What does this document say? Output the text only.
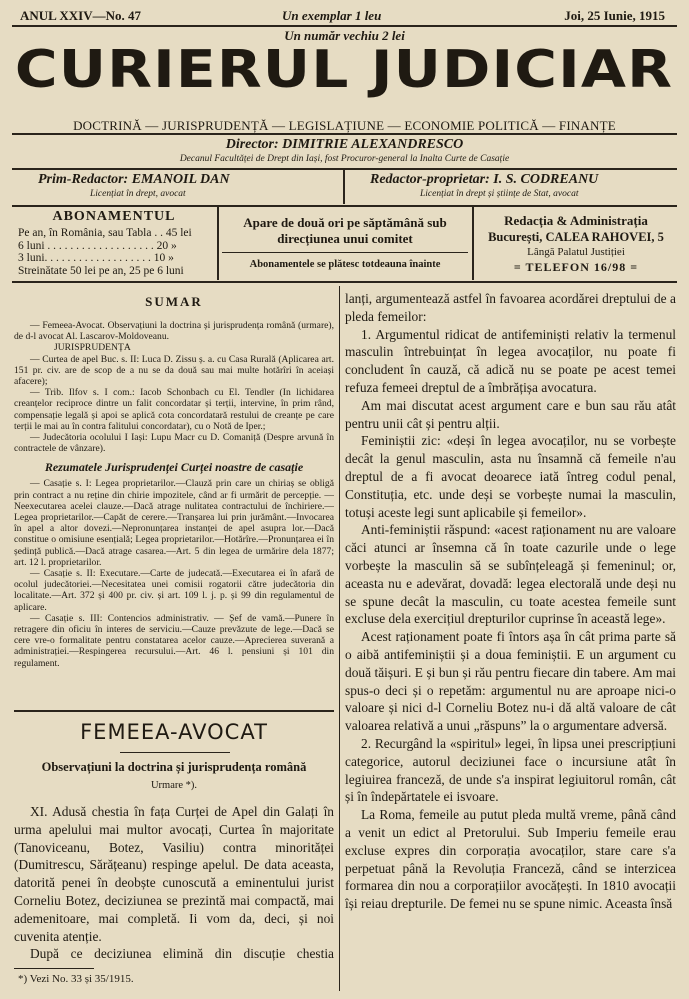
ANUL XXIV—No. 47	Un exemplar 1 leu	Joi, 25 Iunie, 1915
Un număr vechiu 2 lei
CURIERUL JUDICIAR
DOCTRINĂ — JURISPRUDENȚĂ — LEGISLAȚIUNE — ECONOMIE POLITICĂ — FINANȚE
Director: DIMITRIE ALEXANDRESCO
Decanul Facultăței de Drept din Iași, fost Procuror-general la Inalta Curte de Casație
Prim-Redactor: EMANOIL DAN
Licențiat în drept, avocat
Redactor-proprietar: I. S. CODREANU
Licențiat în drept și științe de Stat, avocat
ABONAMENTUL
Pe an, în România, sau Tabla . . 45 lei
6 luni . . . . . . . . . . . . . . . . . . . 20 »
3 luni. . . . . . . . . . . . . . . . . . . 10 »
Streinătate 50 lei pe an, 25 pe 6 luni
Apare de două ori pe săptămână sub direcțiunea unui comitet
Abonamentele se plătesc totdeauna înainte
Redacția & Administrația
București, CALEA RAHOVEI, 5
Lângă Palatul Justiției
= TELEFON 16/98 =
SUMAR

— Femeea-Avocat. Observațiuni la doctrina și jurisprudența română (urmare), de d-l avocat Al. Lascarov-Moldoveanu.

JURISPRUDENȚA

— Curtea de apel Buc. s. II: Luca D. Zissu ș. a. cu Casa Rurală (Aplicarea art. 151 pr. civ. are de scop de a nu se da două sau mai multe hotărîri în aceiași afacere);

— Trib. Ilfov s. I com.: Iacob Schonbach cu El. Tendler (In lichidarea creanțelor reciproce dintre un falit concordatar și terții, intervine, în prim rând, compensație legală și apoi se aplică cota concordatară restului de creanțe pe care terții le mai au în contra falitului concordatar), cu o Notă de Iper.;

— Judecătoria ocolului I Iași: Lupu Macr cu D. Comaniță (Despre arvună în contractele de vânzare).

Rezumatele Jurisprudenței Curței noastre de casație

— Casație s. I: Legea proprietarilor.—Clauză prin care un chiriaș se obligă prin contract a nu reține din chirie impozitele, când ar fi urmărit de percepție. —Neexecutarea acelei clauze.—Dacă atrage nulitatea contractului de închiriere.—Legea proprietarilor.—Capăt de cerere.—Tranșarea lui prin jurământ.—Invocarea în apel a altor dovezi.—Nepronunțarea instanței de apel asupra lor.—Dacă constitue o omisiune esențială; Legea proprietarilor.—Hotărîre.—Pronunțarea ei în ședință publică.—Dacă atrage casarea.—Art. 5 din legea de urmărire dela 1877; art. 12 l. proprietarilor.

— Casație s. II: Executare.—Carte de judecată.—Executarea ei în afară de ocolul judecătoriei.—Necesitatea unei comisii rogatorii către judecătoria din localitate.—Art. 372 și 400 pr. civ. și art. 109 l. j. p. și 99 din regulamentul de aplicare.

— Casație s. III: Contencios administrativ. — Șef de vamă.—Punere în retragere din oficiu în interes de serviciu.—Cauze prevăzute de lege.—Dacă se cere vre-o formalitate pentru constatarea acelor cauze.—Aprecierea suverană a administrației.—Respingerea recursului.—Art. 46 l. pensiuni și 101 din regulament.

FEMEEA-AVOCAT
Observațiuni la doctrina și jurisprudența română
Urmare *).

XI. Adusă chestia în fața Curței de Apel din Galați în urma apelului mai multor avocați, Curtea în majoritate (Tanoviceanu, Botez, Vasiliu) contra minorităței (Dumitrescu, Sărățeanu) respinge apelul. De data aceasta, datorită penei în deobște cunoscută a eminentului jurist Corneliu Botez, deciziunea se prezintă mai compactă, mai ademenitoare, mai completă. Ii vom da, deci, și noi cuvenita atenție.

După ce deciziunea elimină din discuție chestia

*) Vezi No. 33 și 35/1915.

lanți, argumentează astfel în favoarea acordărei dreptului de a pleda femeilor:

1. Argumentul ridicat de antifeminiști relativ la termenul masculin întrebuințat în legea avocaților, nu poate fi concludent în cauză, că adică nu se poate pe acest temei refuza femeei dreptul de a îmbrățișa avocatura.

Am mai discutat acest argument care e bun sau rău atât pentru unii cât și pentru alții.

Feminiștii zic: «deși în legea avocaților, nu se vorbește decât la genul masculin, asta nu însamnă că femeile n'au dreptul de a fi avocat deoarece iată întreg codul penal, Constituția, etc. unde deși se vorbește numai la masculin, totuși aceste legi sunt aplicabile și femeilor».

Anti-feminiștii răspund: «acest raționament nu are valoare căci atunci ar însemna că în toate cazurile unde o lege vorbește la masculin să se subînțeleagă și femeninul; or, aceasta nu e adevărat, dovadă: legea electorală unde deși nu se spune decât la masculin, cu toate acestea femeile sunt excluse dela exercițiul drepturilor cuprinse în această lege».

Acest raționament poate fi întors așa în cât prima parte să o aibă antifeminiștii și a doua feminiștii. E un argument cu două tăișuri. E și bun și rău pentru fiecare din tabere. Am mai spus-o deci și o repetăm: argumentul nu are aproape nici-o valoare și nici d-l Corneliu Botez nu-i dă altă valoare de cât valoarea relativă a unui „răspuns” la o argumentare adversă.

2. Recurgând la «spiritul» legei, în lipsa unei prescripțiuni categorice, autorul deciziunei face o incursiune atât în legiuirea franceză, de unde s'a inspirat legiuitorul român, cât și în îndepărtatele ei isvoare.

La Roma, femeile au putut pleda multă vreme, până când a venit un edict al Pretorului. Sub Imperiu femeile erau excluse expres din corporația avocaților, stare care s'a perpetuat până la Revoluția Franceză, când se interzicea formarea din nou a corporațiilor avocățești. In 1810 avocații își reiau drepturile. De femei nu se spune nimic. Aceasta însă
